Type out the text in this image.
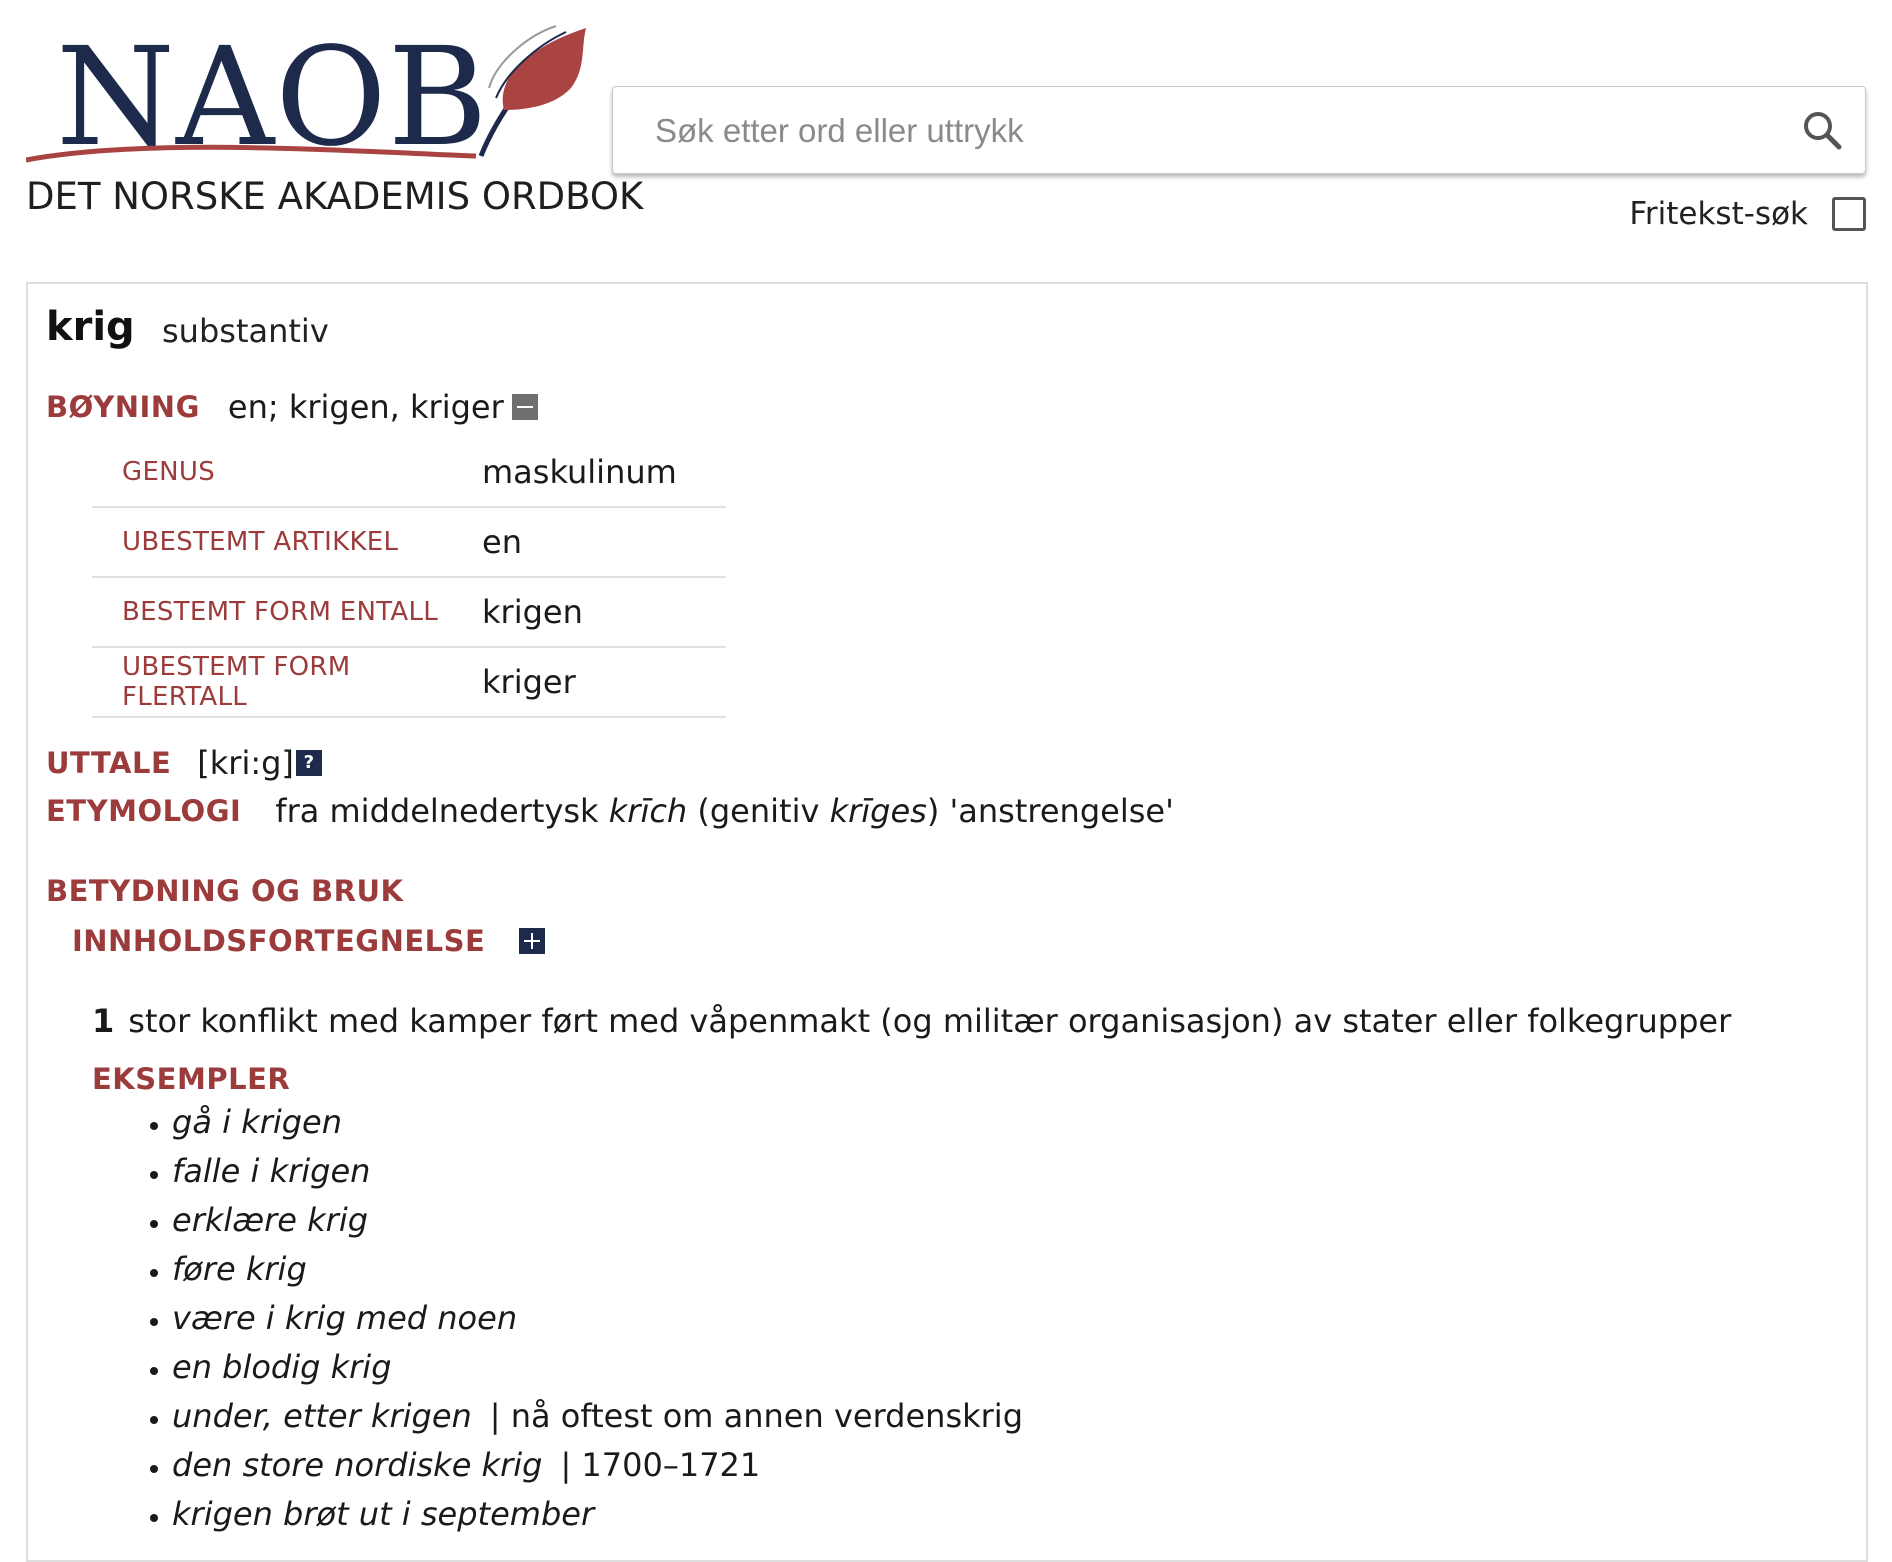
NAOB
DET NORSKE AKADEMIS ORDBOK
Søk etter ord eller uttrykk	Fritekst-søk
krig substantiv
BØYNING en; krigen, kriger
GENUS	maskulinum
UBESTEMT ARTIKKEL	en
BESTEMT FORM ENTALL	krigen
UBESTEMT FORM FLERTALL	kriger
UTTALE [kri:g] ?
ETYMOLOGI fra middelnedertysk krīch (genitiv krīges) 'anstrengelse'
BETYDNING OG BRUK
INNHOLDSFORTEGNELSE
1 stor konflikt med kamper ført med våpenmakt (og militær organisasjon) av stater eller folkegrupper
EKSEMPLER
• gå i krigen
• falle i krigen
• erklære krig
• føre krig
• være i krig med noen
• en blodig krig
• under, etter krigen | nå oftest om annen verdenskrig
• den store nordiske krig | 1700–1721
• krigen brøt ut i september
